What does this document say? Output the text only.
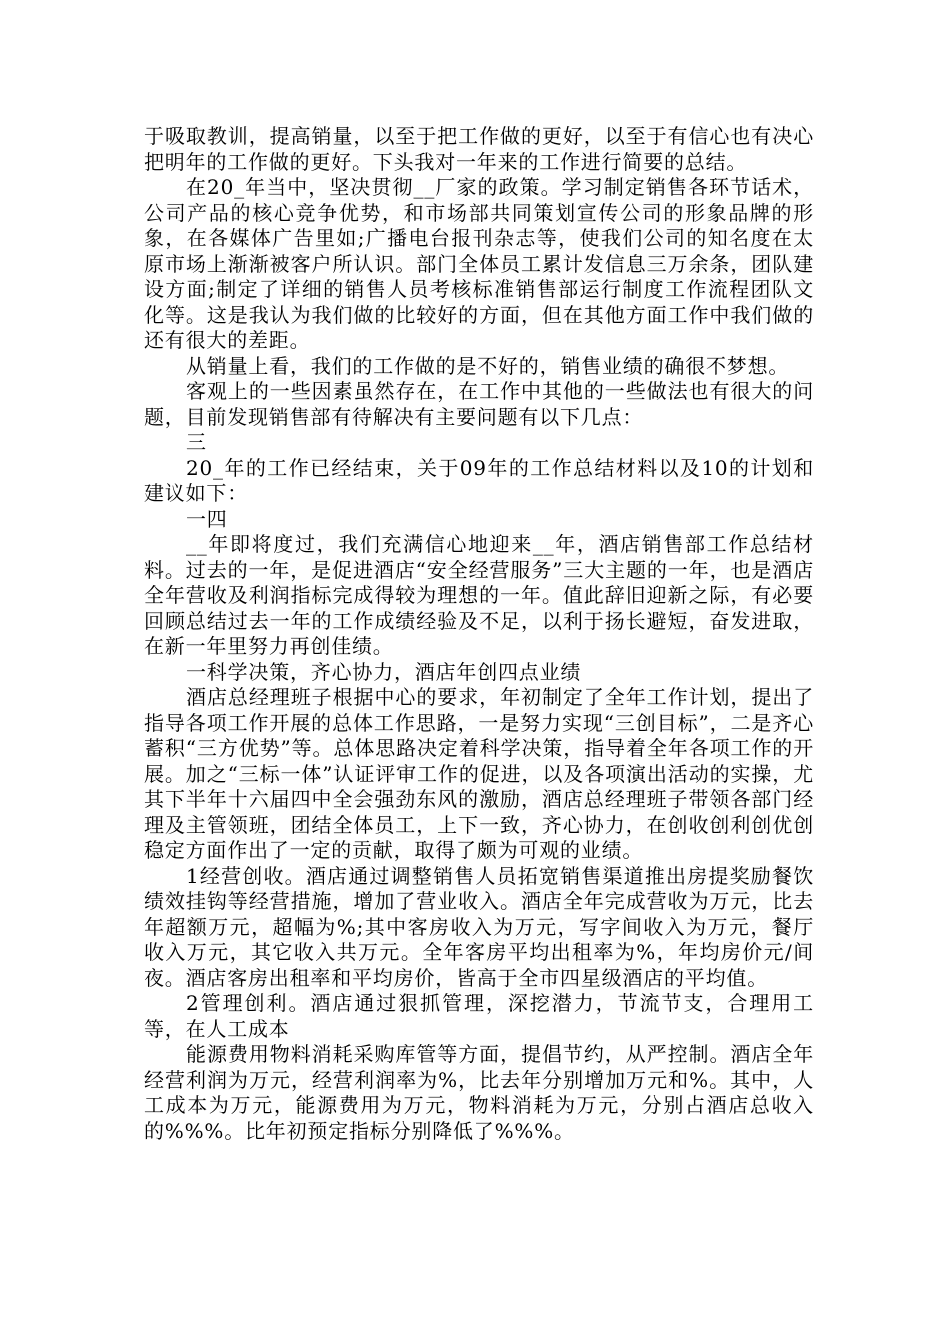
于吸取教训，提高销量，以至于把工作做的更好，以至于有信心也有决心把明年的工作做的更好。下头我对一年来的工作进行简要的总结。

在20_年当中，坚决贯彻__厂家的政策。学习制定销售各环节话术，公司产品的核心竞争优势，和市场部共同策划宣传公司的形象品牌的形象，在各媒体广告里如;广播电台报刊杂志等，使我们公司的知名度在太原市场上渐渐被客户所认识。部门全体员工累计发信息三万余条，团队建设方面;制定了详细的销售人员考核标准销售部运行制度工作流程团队文化等。这是我认为我们做的比较好的方面，但在其他方面工作中我们做的还有很大的差距。

从销量上看，我们的工作做的是不好的，销售业绩的确很不梦想。

客观上的一些因素虽然存在，在工作中其他的一些做法也有很大的问题，目前发现销售部有待解决有主要问题有以下几点：

三

20_年的工作已经结束，关于09年的工作总结材料以及10的计划和建议如下：

一四

__年即将度过，我们充满信心地迎来__年，酒店销售部工作总结材料。过去的一年，是促进酒店“安全经营服务”三大主题的一年，也是酒店全年营收及利润指标完成得较为理想的一年。值此辞旧迎新之际，有必要回顾总结过去一年的工作成绩经验及不足，以利于扬长避短，奋发进取，在新一年里努力再创佳绩。

一科学决策，齐心协力，酒店年创四点业绩

酒店总经理班子根据中心的要求，年初制定了全年工作计划，提出了指导各项工作开展的总体工作思路，一是努力实现“三创目标”，二是齐心蓄积“三方优势”等。总体思路决定着科学决策，指导着全年各项工作的开展。加之“三标一体”认证评审工作的促进，以及各项演出活动的实操，尤其下半年十六届四中全会强劲东风的激励，酒店总经理班子带领各部门经理及主管领班，团结全体员工，上下一致，齐心协力，在创收创利创优创稳定方面作出了一定的贡献，取得了颇为可观的业绩。

1经营创收。酒店通过调整销售人员拓宽销售渠道推出房提奖励餐饮绩效挂钩等经营措施，增加了营业收入。酒店全年完成营收为万元，比去年超额万元，超幅为%;其中客房收入为万元，写字间收入为万元，餐厅收入万元，其它收入共万元。全年客房平均出租率为%，年均房价元/间夜。酒店客房出租率和平均房价，皆高于全市四星级酒店的平均值。

2管理创利。酒店通过狠抓管理，深挖潜力，节流节支，合理用工等，在人工成本

能源费用物料消耗采购库管等方面，提倡节约，从严控制。酒店全年经营利润为万元，经营利润率为%，比去年分别增加万元和%。其中，人工成本为万元，能源费用为万元，物料消耗为万元，分别占酒店总收入的%%%。比年初预定指标分别降低了%%%。
